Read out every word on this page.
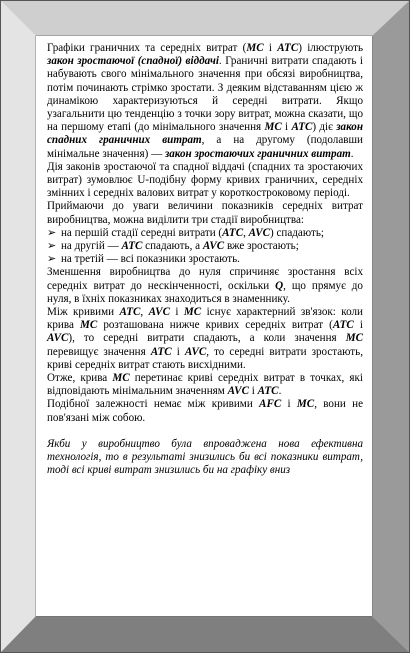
Графіки граничних та середніх витрат (MC і ATC) ілюструють закон зростаючої (спадної) віддачі. Граничні витрати спадають і набувають свого мінімального значення при обсязі виробництва, потім починають стрімко зростати. З деяким відставанням цією ж динамікою характеризуються й середні витрати. Якщо узагальнити цю тенденцію з точки зору витрат, можна сказати, що на першому етапі (до мінімального значення MC і ATC) діє закон спадних граничних витрат, а на другому (подолавши мінімальне значення) — закон зростаючих граничних витрат.

Дія законів зростаючої та спадної віддачі (спадних та зростаючих витрат) зумовлює U-подібну форму кривих граничних, середніх змінних і середніх валових витрат у короткостроковому періоді.

Приймаючи до уваги величини показників середніх витрат виробництва, можна виділити три стадії виробництва:

➢ на першій стадії середні витрати (ATC, AVC) спадають;
➢ на другій — ATC спадають, а AVC вже зростають;
➢ на третій — всі показники зростають.

Зменшення виробництва до нуля спричиняє зростання всіх середніх витрат до нескінченності, оскільки Q, що прямує до нуля, в їхніх показниках знаходиться в знаменнику.

Між кривими ATC, AVC і MC існує характерний зв'язок: коли крива MC розташована нижче кривих середніх витрат (ATC і AVC), то середні витрати спадають, а коли значення MC перевищує значення ATC і AVC, то середні витрати зростають, криві середніх витрат стають висхідними.

Отже, крива MC перетинає криві середніх витрат в точках, які відповідають мінімальним значенням AVC і ATC.

Подібної залежності немає між кривими AFC і MC, вони не пов'язані між собою.

Якби у виробництво була впроваджена нова ефективна технологія, то в результаті знизились би всі показники витрат, тоді всі криві витрат знизились би на графіку вниз
